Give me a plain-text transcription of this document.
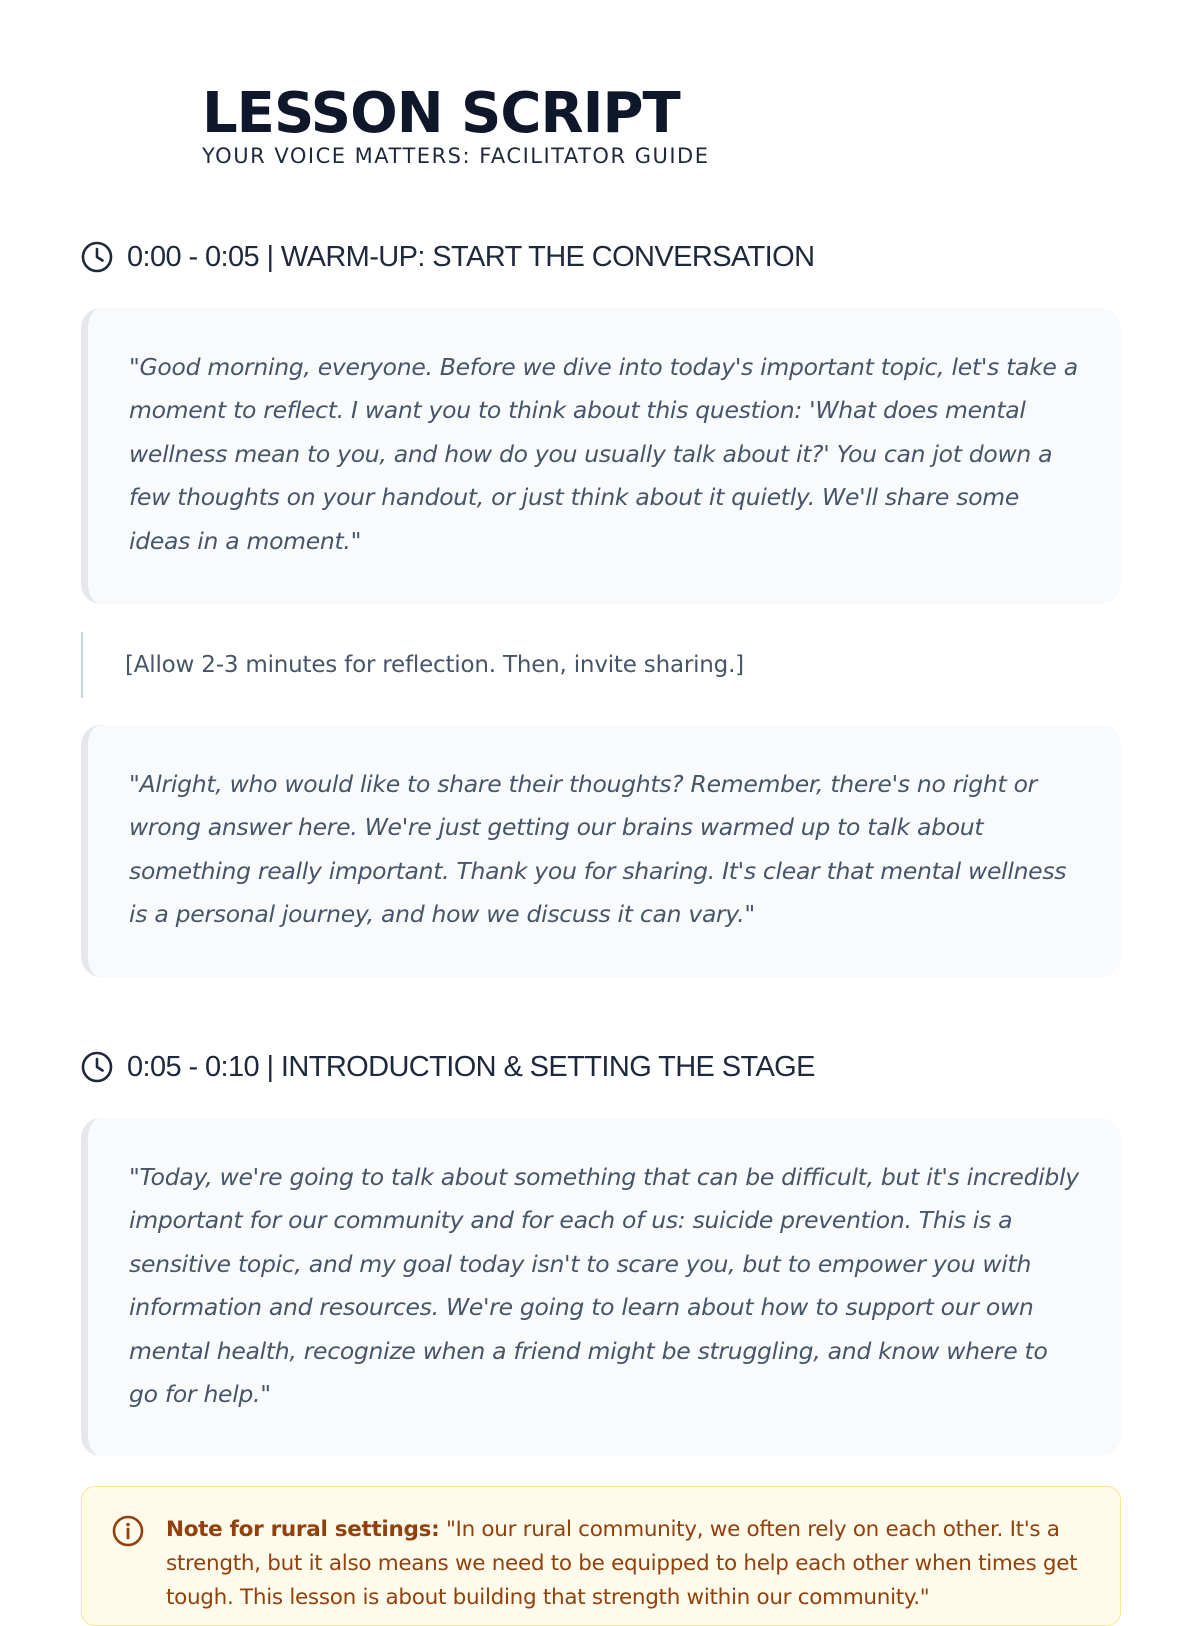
LESSON SCRIPT
YOUR VOICE MATTERS: FACILITATOR GUIDE
0:00 - 0:05 | WARM-UP: START THE CONVERSATION

"Good morning, everyone. Before we dive into today's important topic, let's take a moment to reflect. I want you to think about this question: 'What does mental wellness mean to you, and how do you usually talk about it?' You can jot down a few thoughts on your handout, or just think about it quietly. We'll share some ideas in a moment."

[Allow 2-3 minutes for reflection. Then, invite sharing.]

"Alright, who would like to share their thoughts? Remember, there's no right or wrong answer here. We're just getting our brains warmed up to talk about something really important. Thank you for sharing. It's clear that mental wellness is a personal journey, and how we discuss it can vary."

0:05 - 0:10 | INTRODUCTION & SETTING THE STAGE

"Today, we're going to talk about something that can be difficult, but it's incredibly important for our community and for each of us: suicide prevention. This is a sensitive topic, and my goal today isn't to scare you, but to empower you with information and resources. We're going to learn about how to support our own mental health, recognize when a friend might be struggling, and know where to go for help."

Note for rural settings: "In our rural community, we often rely on each other. It's a strength, but it also means we need to be equipped to help each other when times get tough. This lesson is about building that strength within our community."
